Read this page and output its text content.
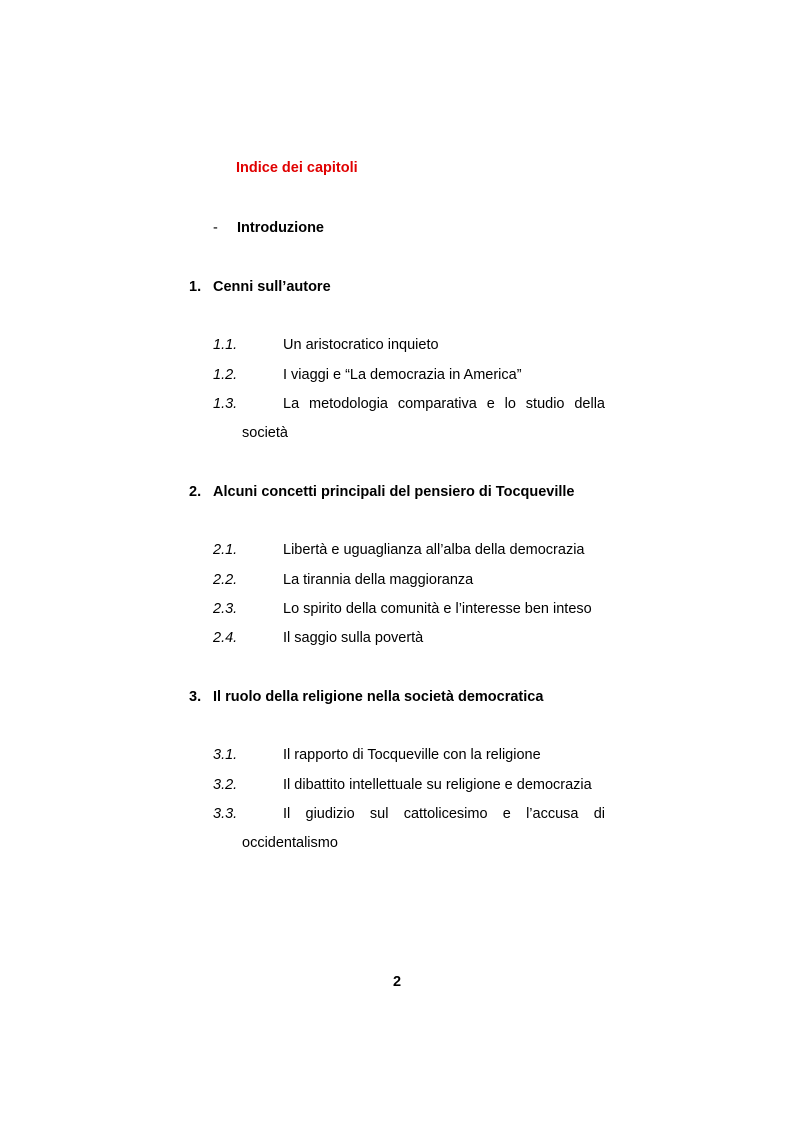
Indice dei capitoli
- Introduzione
1. Cenni sull’autore
1.1.	Un aristocratico inquieto
1.2.	I viaggi e “La democrazia in America”
1.3.	La metodologia comparativa e lo studio della
società
2. Alcuni concetti principali del pensiero di Tocqueville
2.1.	Libertà e uguaglianza all’alba della democrazia
2.2.	La tirannia della maggioranza
2.3.	Lo spirito della comunità e l’interesse ben inteso
2.4.	Il saggio sulla povertà
3. Il ruolo della religione nella società democratica
3.1.	Il rapporto di Tocqueville con la religione
3.2.	Il dibattito intellettuale su religione e democrazia
3.3.	Il giudizio sul cattolicesimo e l’accusa di
occidentalismo
2
